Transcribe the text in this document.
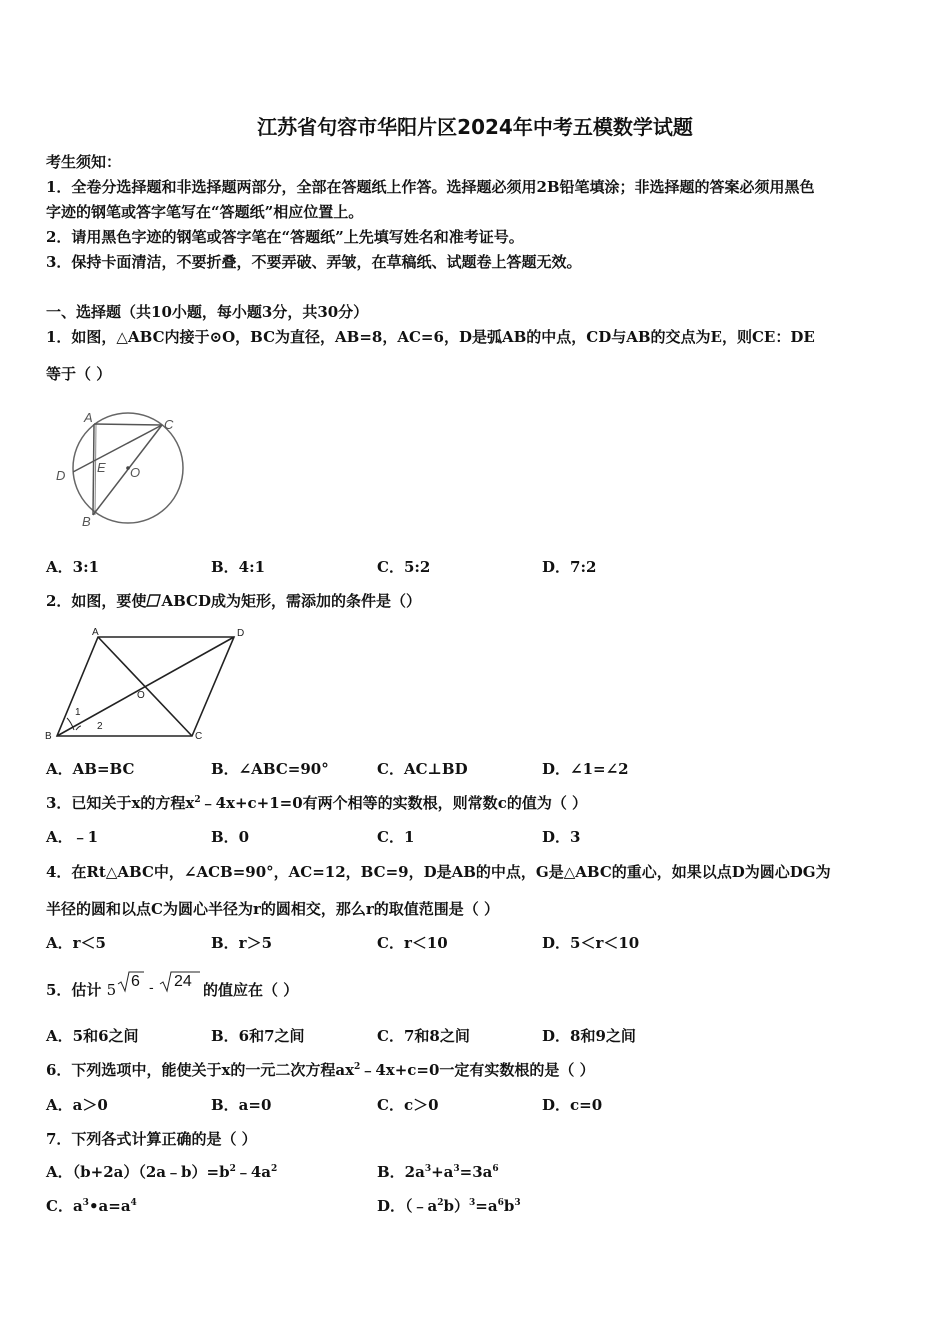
江苏省句容市华阳片区2024年中考五模数学试题
考生须知：
1．全卷分选择题和非选择题两部分，全部在答题纸上作答。选择题必须用2B铅笔填涂；非选择题的答案必须用黑色
字迹的钢笔或答字笔写在“答题纸”相应位置上。
2．请用黑色字迹的钢笔或答字笔在“答题纸”上先填写姓名和准考证号。
3．保持卡面清洁，不要折叠，不要弄破、弄皱，在草稿纸、试题卷上答题无效。
一、选择题（共10小题，每小题3分，共30分）
1．如图，△ABC内接于⊙O，BC为直径，AB=8，AC=6，D是弧AB的中点，CD与AB的交点为E，则CE：DE
等于（ ）
A	C
D
E O
B
A．3:1	B．4:1	C．5:2	D．7:2
2．如图，要使 ABCD成为矩形，需添加的条件是（）
A	D
O
B	C
1
2
A．AB=BC	B．∠ABC=90°	C．AC⊥BD	D．∠1=∠2
3．已知关于x的方程$x^2﹣4x+c+1=0$有两个相等的实数根，则常数c的值为（ ）
A．﹣1	B．0	C．1	D．3
4．在Rt△ABC中，∠ACB=90°，AC=12，BC=9，D是AB的中点，G是△ABC的重心，如果以点D为圆心DG为
半径的圆和以点C为圆心半径为r的圆相交，那么r的取值范围是（ ）
A．r＜5	B．r＞5	C．r＜10	D．5＜r＜10
5．估计 5 6 - 24 的值应在（ ）
A．5和6之间	B．6和7之间	C．7和8之间	D．8和9之间
6．下列选项中，能使关于x的一元二次方程$ax^2﹣4x+c=0$一定有实数根的是（ ）
A．a＞0	B．a=0	C．c＞0	D．c=0
7．下列各式计算正确的是（ ）
A．$(b+2a)(2a﹣b)=b^2﹣4a^2$	B．$2a^3+a^3=3a^6$
C．$a^3•a=a^4$	D．$(﹣a^2b)^3=a^6b^3$
